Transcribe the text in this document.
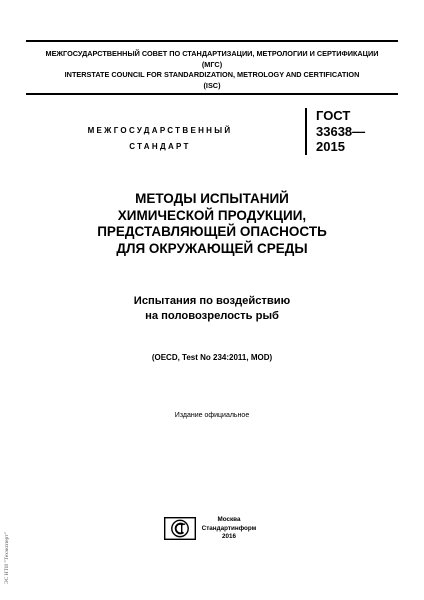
МЕЖГОСУДАРСТВЕННЫЙ СОВЕТ ПО СТАНДАРТИЗАЦИИ, МЕТРОЛОГИИ И СЕРТИФИКАЦИИ
(МГС)
INTERSTATE COUNCIL FOR STANDARDIZATION, METROLOGY AND CERTIFICATION
(ISC)
МЕЖГОСУДАРСТВЕННЫЙ
СТАНДАРТ
ГОСТ
33638—
2015
МЕТОДЫ ИСПЫТАНИЙ
ХИМИЧЕСКОЙ ПРОДУКЦИИ,
ПРЕДСТАВЛЯЮЩЕЙ ОПАСНОСТЬ
ДЛЯ ОКРУЖАЮЩЕЙ СРЕДЫ
Испытания по воздействию
на половозрелость рыб
(OECD, Test No 234:2011, MOD)
Издание официальное
Москва
Стандартинформ
2016
ЭС НТИ "Техэксперт"
